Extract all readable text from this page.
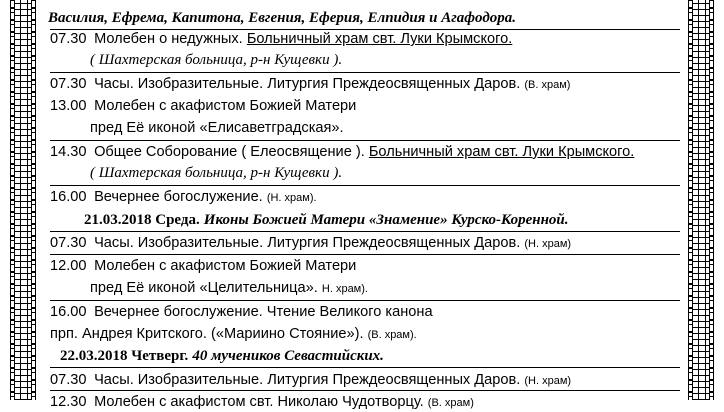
Василия, Ефрема, Капитона, Евгения, Еферия, Елпидия и Агафодора.
07.30 Молебен о недужных. Больничный храм свт. Луки Крымского.
( Шахтерская больница, р-н Кущевки ).
07.30 Часы. Изобразительные. Литургия Преждеосвященных Даров. (В. храм)
13.00 Молебен с акафистом Божией Матери
пред Её иконой «Елисаветградская».
14.30 Общее Соборование ( Елеосвящение ). Больничный храм свт. Луки Крымского.
( Шахтерская больница, р-н Кущевки ).
16.00 Вечернее богослужение. (Н. храм).
21.03.2018 Среда. Иконы Божией Матери «Знамение» Курско-Коренной.
07.30 Часы. Изобразительные. Литургия Преждеосвященных Даров. (Н. храм)
12.00 Молебен с акафистом Божией Матери
пред Её иконой «Целительница». Н. храм).
16.00 Вечернее богослужение. Чтение Великого канона
прп. Андрея Критского. («Мариино Стояние»). (В. храм).
22.03.2018 Четверг. 40 мучеников Севастийских.
07.30 Часы. Изобразительные. Литургия Преждеосвященных Даров. (Н. храм)
12.30 Молебен с акафистом свт. Николаю Чудотворцу. (В. храм)
